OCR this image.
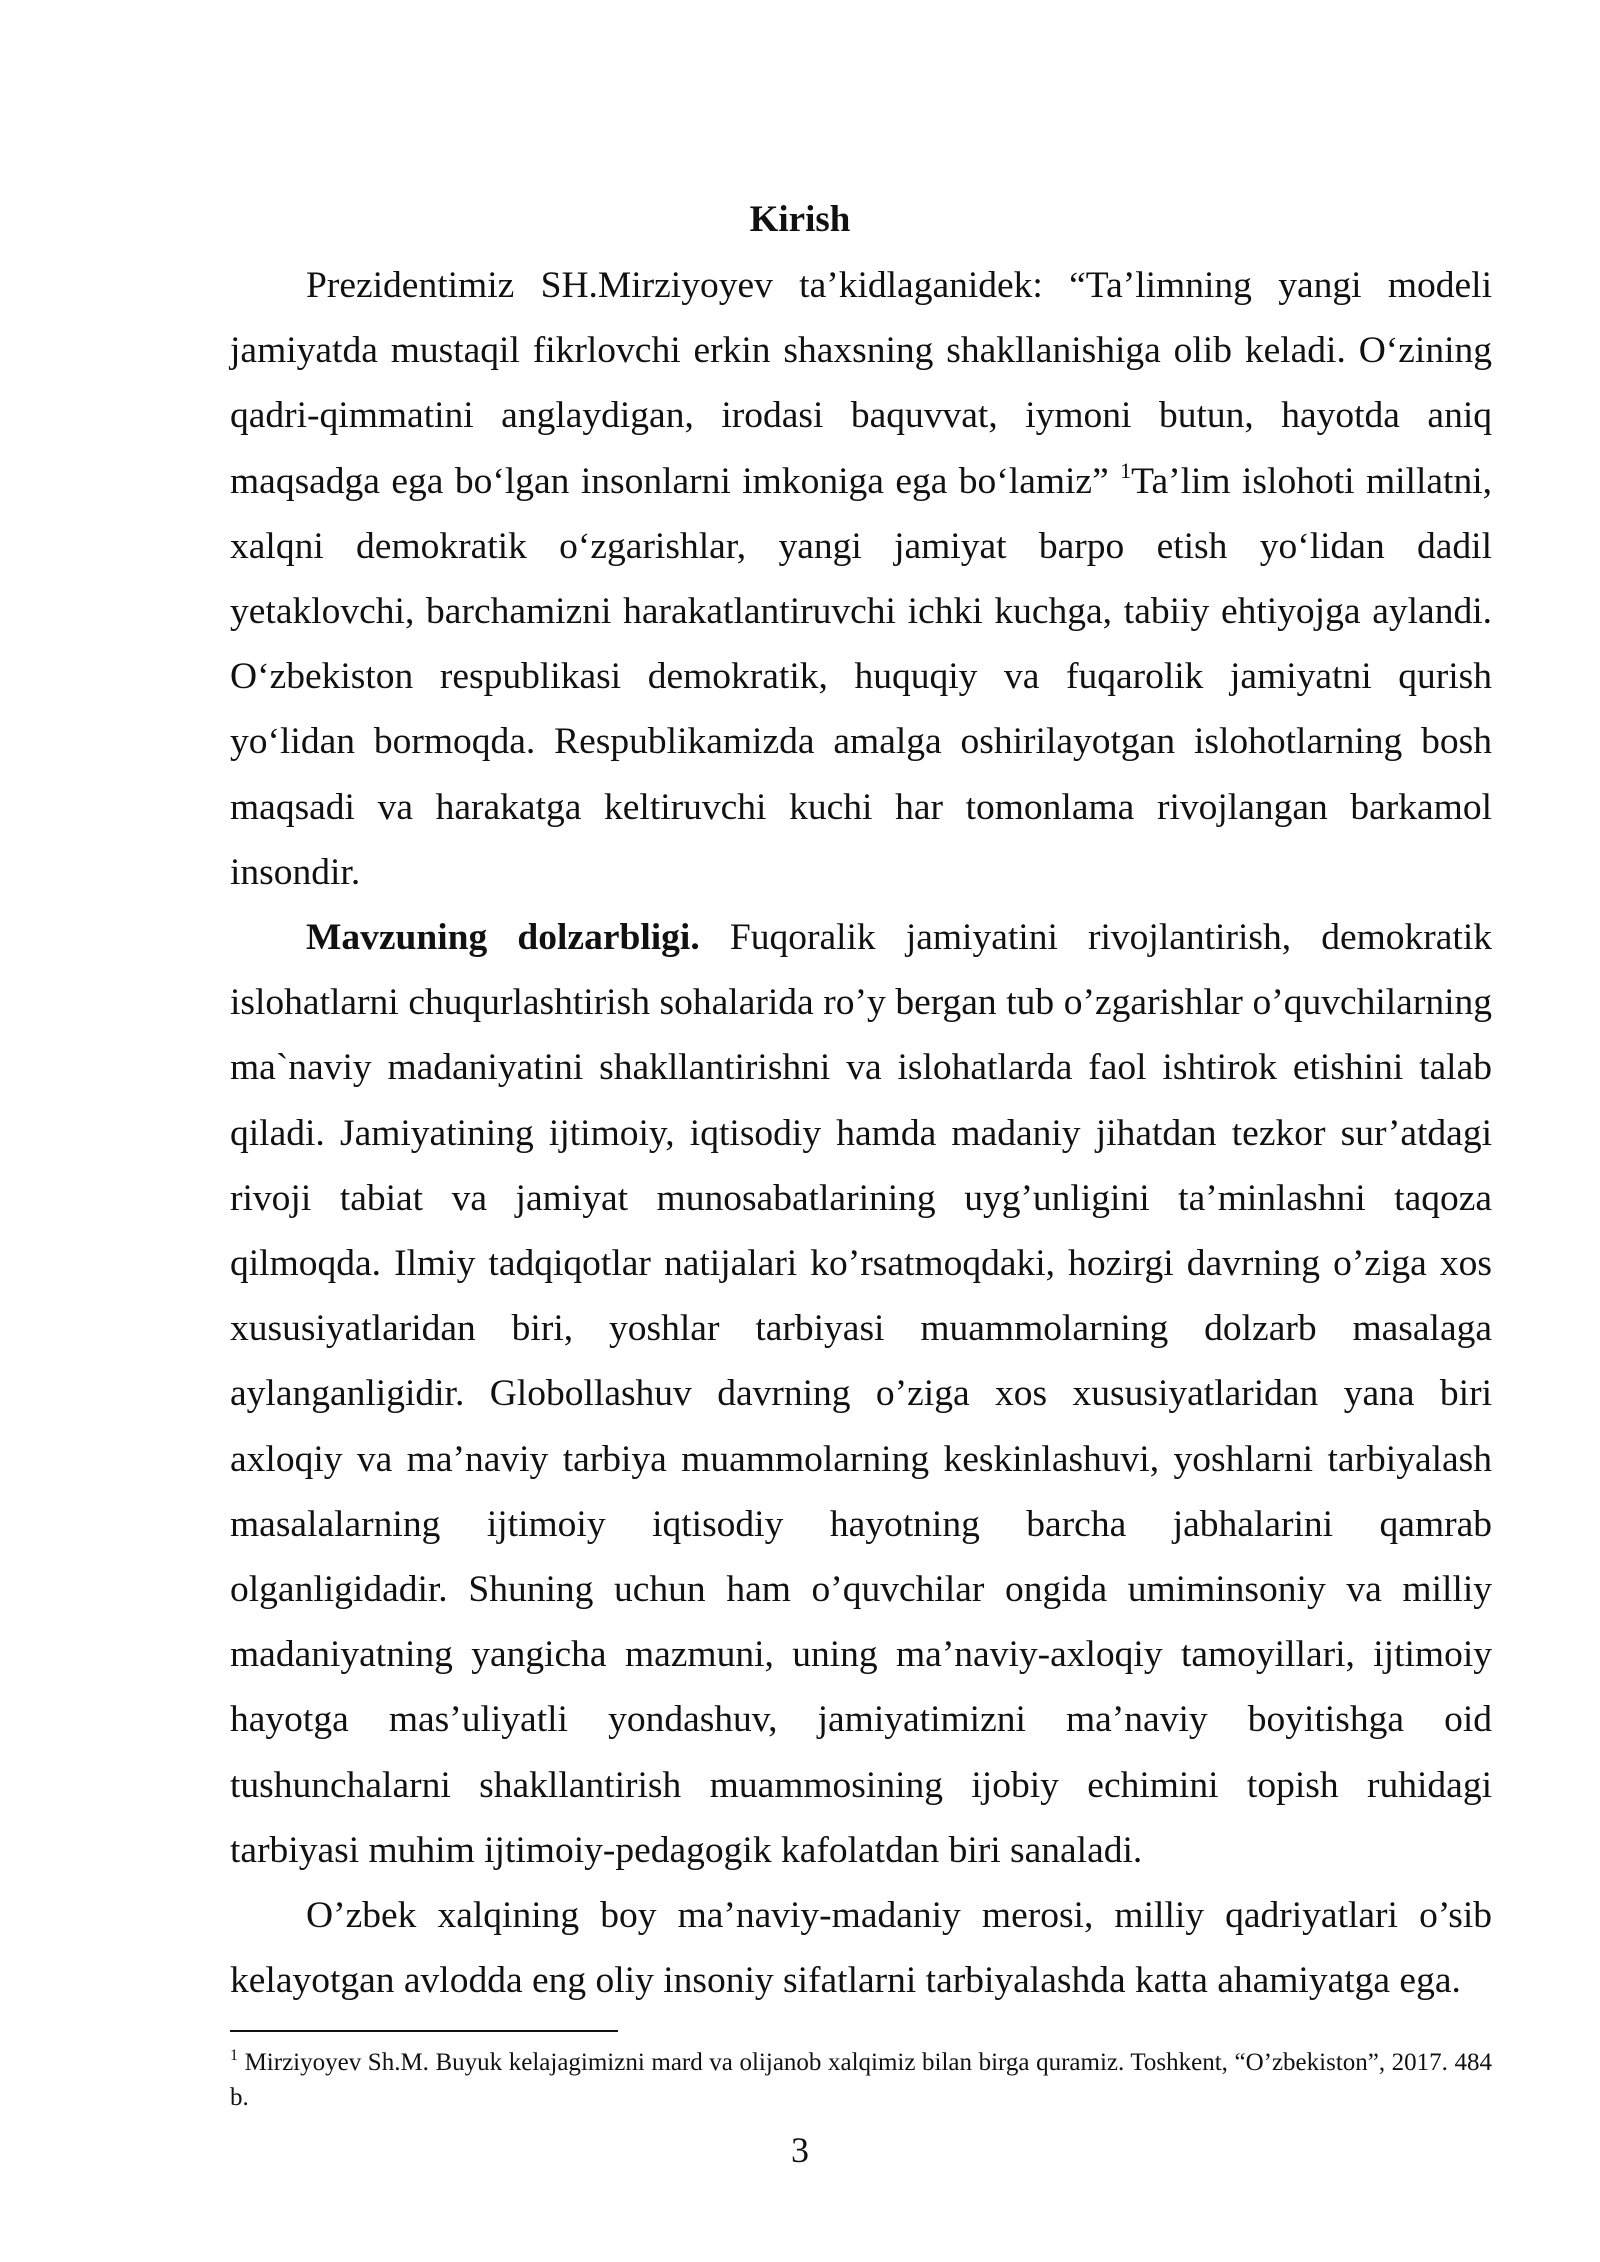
Kirish

Prezidentimiz SH.Mirziyoyev ta’kidlaganidek: “Ta’limning yangi modeli jamiyatda mustaqil fikrlovchi erkin shaxsning shakllanishiga olib keladi. O‘zining qadri-qimmatini anglaydigan, irodasi baquvvat, iymoni butun, hayotda aniq maqsadga ega bo‘lgan insonlarni imkoniga ega bo‘lamiz” $^1$Ta’lim islohoti millatni, xalqni demokratik o‘zgarishlar, yangi jamiyat barpo etish yo‘lidan dadil yetaklovchi, barchamizni harakatlantiruvchi ichki kuchga, tabiiy ehtiyojga aylandi. O‘zbekiston respublikasi demokratik, huquqiy va fuqarolik jamiyatni qurish yo‘lidan bormoqda. Respublikamizda amalga oshirilayotgan islohotlarning bosh maqsadi va harakatga keltiruvchi kuchi har tomonlama rivojlangan barkamol insondir.

Mavzuning dolzarbligi. Fuqoralik jamiyatini rivojlantirish, demokratik islohatlarni chuqurlashtirish sohalarida ro’y bergan tub o’zgarishlar o’quvchilarning ma`naviy madaniyatini shakllantirishni va islohatlarda faol ishtirok etishini talab qiladi. Jamiyatining ijtimoiy, iqtisodiy hamda madaniy jihatdan tezkor sur’atdagi rivoji tabiat va jamiyat munosabatlarining uyg’unligini ta’minlashni taqoza qilmoqda. Ilmiy tadqiqotlar natijalari ko’rsatmoqdaki, hozirgi davrning o’ziga xos xususiyatlaridan biri, yoshlar tarbiyasi muammolarning dolzarb masalaga aylanganligidir. Globollashuv davrning o’ziga xos xususiyatlaridan yana biri axloqiy va ma’naviy tarbiya muammolarning keskinlashuvi, yoshlarni tarbiyalash masalalarning ijtimoiy iqtisodiy hayotning barcha jabhalarini qamrab olganligidadir. Shuning uchun ham o’quvchilar ongida umiminsoniy va milliy madaniyatning yangicha mazmuni, uning ma’naviy-axloqiy tamoyillari, ijtimoiy hayotga mas’uliyatli yondashuv, jamiyatimizni ma’naviy boyitishga oid tushunchalarni shakllantirish muammosining ijobiy echimini topish ruhidagi tarbiyasi muhim ijtimoiy-pedagogik kafolatdan biri sanaladi.

O’zbek xalqining boy ma’naviy-madaniy merosi, milliy qadriyatlari o’sib kelayotgan avlodda eng oliy insoniy sifatlarni tarbiyalashda katta ahamiyatga ega.

$^1$ Mirziyoyev Sh.M. Buyuk kelajagimizni mard va olijanob xalqimiz bilan birga quramiz. Toshkent, “O’zbekiston”, 2017. 484 b.
3
